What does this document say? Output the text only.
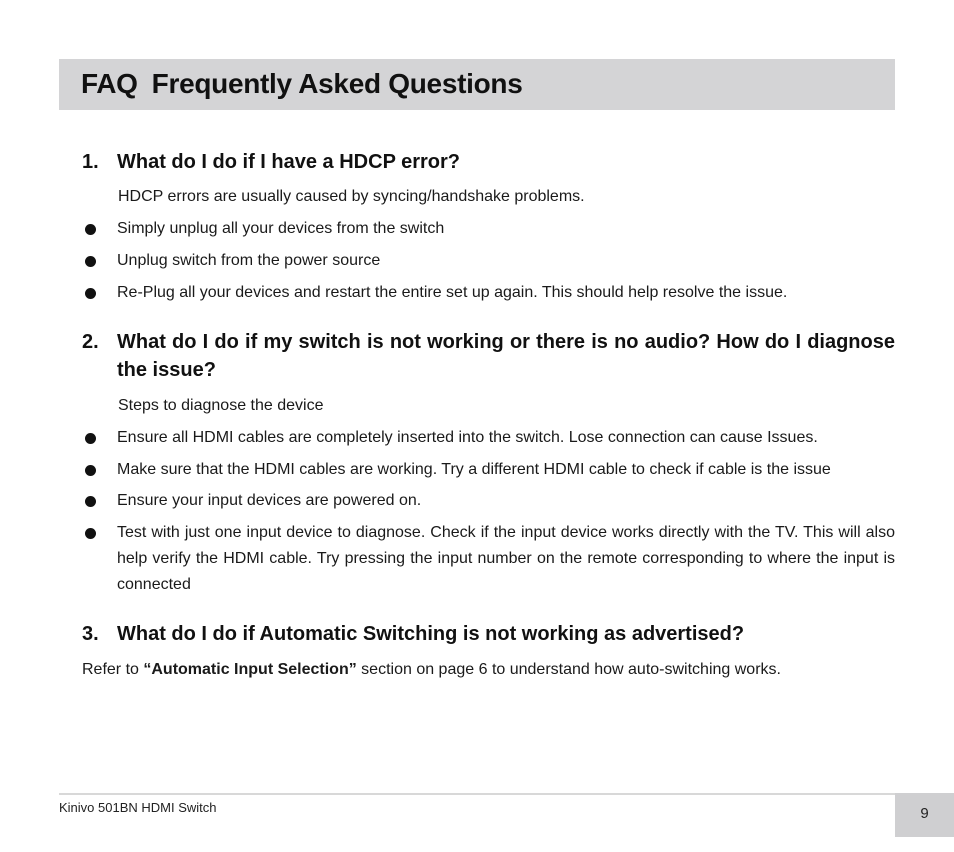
FAQ Frequently Asked Questions
1. What do I do if I have a HDCP error?
HDCP errors are usually caused by syncing/handshake problems.
Simply unplug all your devices from the switch
Unplug switch from the power source
Re-Plug all your devices and restart the entire set up again. This should help resolve the issue.
2. What do I do if my switch is not working or there is no audio? How do I diagnose the issue?
Steps to diagnose the device
Ensure all HDMI cables are completely inserted into the switch. Lose connection can cause Issues.
Make sure that the HDMI cables are working. Try a different HDMI cable to check if cable is the issue
Ensure your input devices are powered on.
Test with just one input device to diagnose. Check if the input device works directly with the TV. This will also help verify the HDMI cable. Try pressing the input number on the remote corresponding to where the input is connected
3. What do I do if Automatic Switching is not working as advertised?
Refer to “Automatic Input Selection” section on page 6 to understand how auto-switching works.
Kinivo 501BN HDMI Switch	9
